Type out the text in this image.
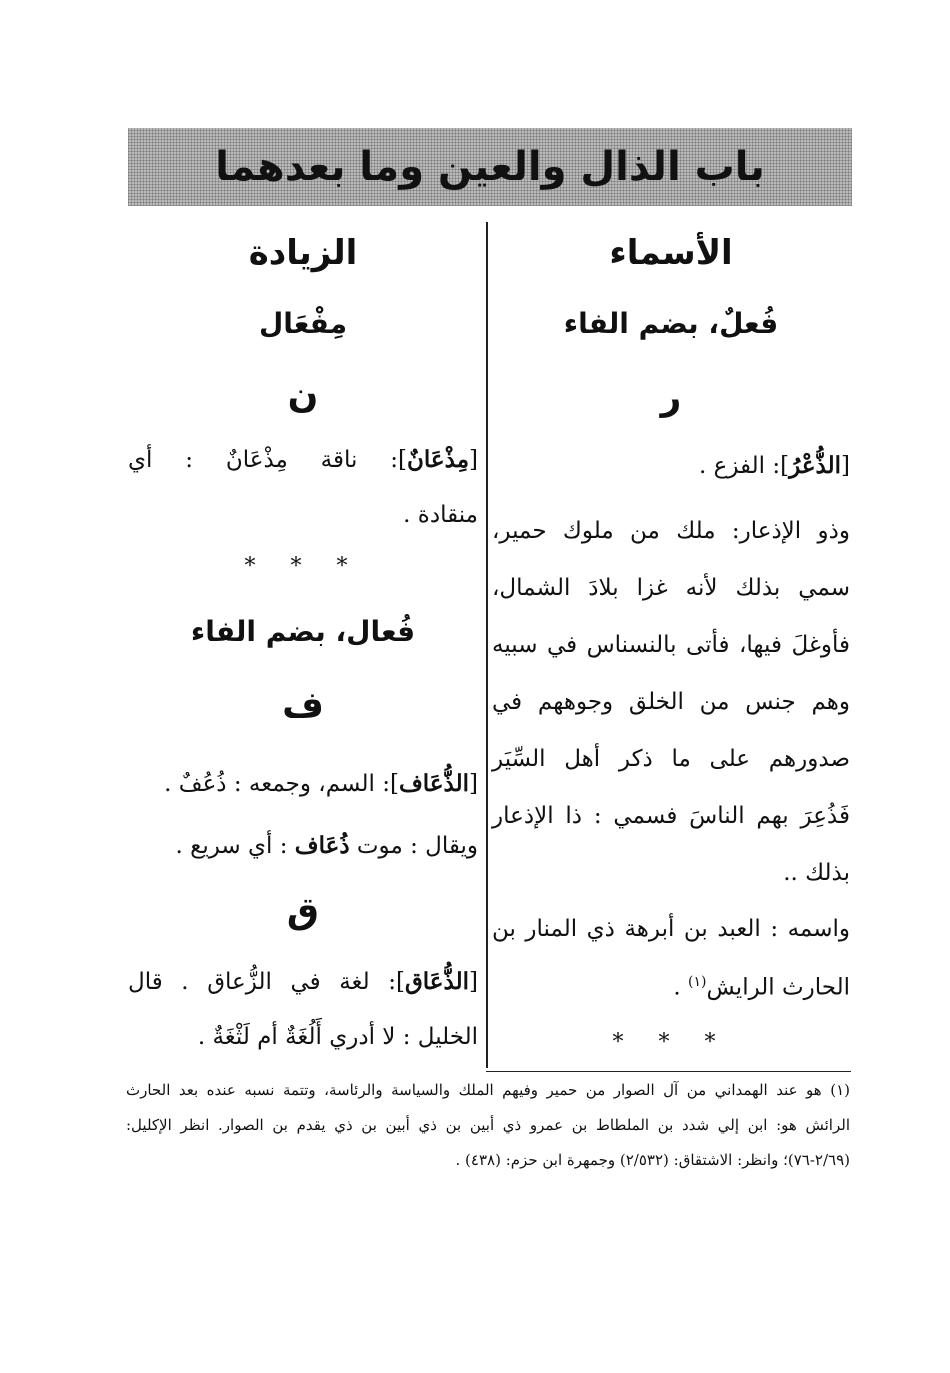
باب الذال والعين وما بعدهما
الأسماء
فُعلٌ، بضم الفاء
ر
[الذُّعْرُ]: الفزع .
وذو الإذعار: ملك من ملوك حمير،
سمي بذلك لأنه غزا بلادَ الشمال،
فأوغلَ فيها، فأتى بالنسناس في سبيه
وهم جنس من الخلق وجوههم في
صدورهم على ما ذكر أهل السِّيَر
فَذُعِرَ بهم الناسَ فسمي : ذا الإذعار
بذلك ..
واسمه : العبد بن أبرهة ذي المنار بن
الحارث الرايش$^{(١)}$ .
* * *
الزيادة
مِفْعَال
ن
[مِذْعَانٌ]: ناقة مِذْعَانٌ : أي
منقادة .
* * *
فُعال، بضم الفاء
ف
[الذُّعَاف]: السم، وجمعه : ذُعُفٌ .
ويقال : موت ذُعَاف : أي سريع .
ق
[الذُّعَاق]: لغة في الزُّعاق . قال
الخليل : لا أدري أَلُغَةٌ أم لَثْغَةٌ .
(١) هو عند الهمداني من آل الصوار من حمير وفيهم الملك والسياسة والرئاسة، وتتمة نسبه عنده بعد الحارث
الرائش هو: ابن إلي شدد بن الملطاط بن عمرو ذي أبين بن ذي أبين بن ذي يقدم بن الصوار. انظر الإكليل:
(٢/٦٩-٧٦)؛ وانظر: الاشتقاق: (٢/٥٣٢) وجمهرة ابن حزم: (٤٣٨) .
